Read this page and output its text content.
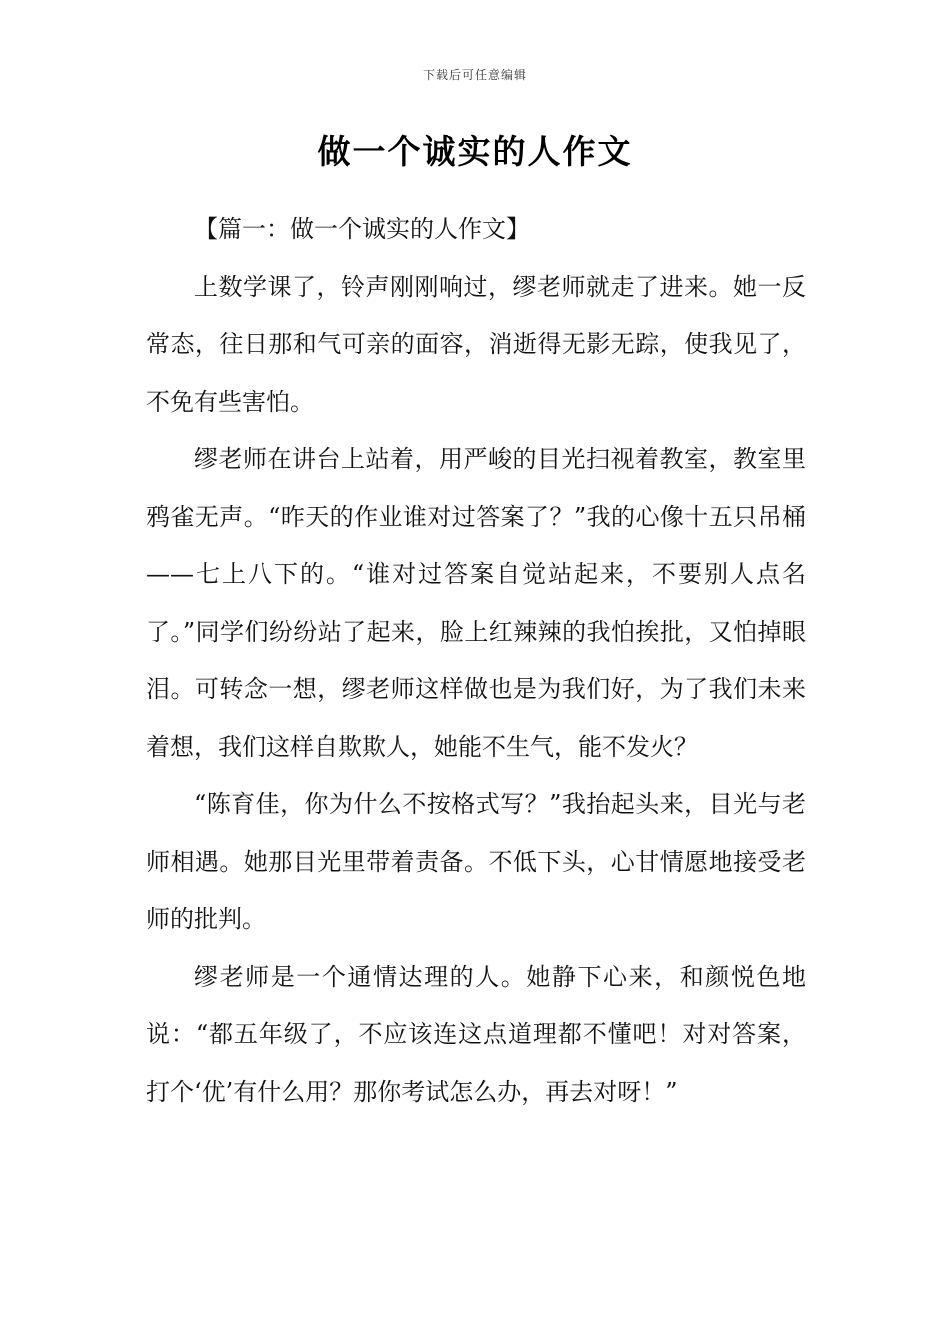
下载后可任意编辑
做一个诚实的人作文

【篇一：做一个诚实的人作文】

上数学课了，铃声刚刚响过，缪老师就走了进来。她一反常态，往日那和气可亲的面容，消逝得无影无踪，使我见了，不免有些害怕。

缪老师在讲台上站着，用严峻的目光扫视着教室，教室里鸦雀无声。“昨天的作业谁对过答案了？”我的心像十五只吊桶——七上八下的。“谁对过答案自觉站起来，不要别人点名了。”同学们纷纷站了起来，脸上红辣辣的我怕挨批，又怕掉眼泪。可转念一想，缪老师这样做也是为我们好，为了我们未来着想，我们这样自欺欺人，她能不生气，能不发火？

“陈育佳，你为什么不按格式写？”我抬起头来，目光与老师相遇。她那目光里带着责备。不低下头，心甘情愿地接受老师的批判。

缪老师是一个通情达理的人。她静下心来，和颜悦色地说：“都五年级了，不应该连这点道理都不懂吧！对对答案，打个‘优’有什么用？那你考试怎么办，再去对呀！”
